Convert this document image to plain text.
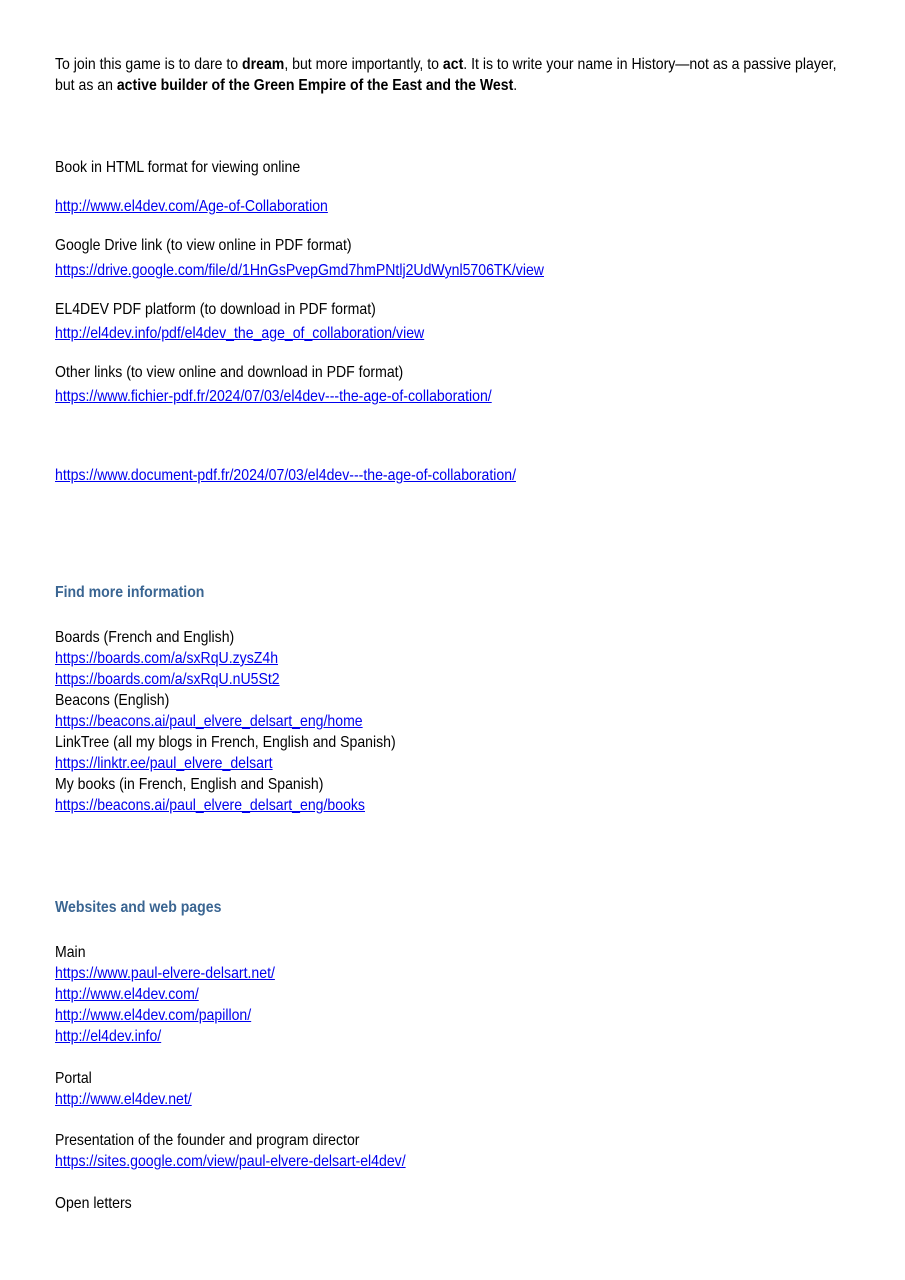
To join this game is to dare to dream, but more importantly, to act. It is to write your name in History—not as a passive player, but as an active builder of the Green Empire of the East and the West.
Book in HTML format for viewing online
http://www.el4dev.com/Age-of-Collaboration
Google Drive link (to view online in PDF format)
https://drive.google.com/file/d/1HnGsPvepGmd7hmPNtlj2UdWynl5706TK/view
EL4DEV PDF platform (to download in PDF format)
http://el4dev.info/pdf/el4dev_the_age_of_collaboration/view
Other links (to view online and download in PDF format)
https://www.fichier-pdf.fr/2024/07/03/el4dev---the-age-of-collaboration/
https://www.document-pdf.fr/2024/07/03/el4dev---the-age-of-collaboration/
Find more information
Boards (French and English)
https://boards.com/a/sxRqU.zysZ4h
https://boards.com/a/sxRqU.nU5St2
Beacons (English)
https://beacons.ai/paul_elvere_delsart_eng/home
LinkTree (all my blogs in French, English and Spanish)
https://linktr.ee/paul_elvere_delsart
My books (in French, English and Spanish)
https://beacons.ai/paul_elvere_delsart_eng/books
Websites and web pages
Main
https://www.paul-elvere-delsart.net/
http://www.el4dev.com/
http://www.el4dev.com/papillon/
http://el4dev.info/
Portal
http://www.el4dev.net/
Presentation of the founder and program director
https://sites.google.com/view/paul-elvere-delsart-el4dev/
Open letters
